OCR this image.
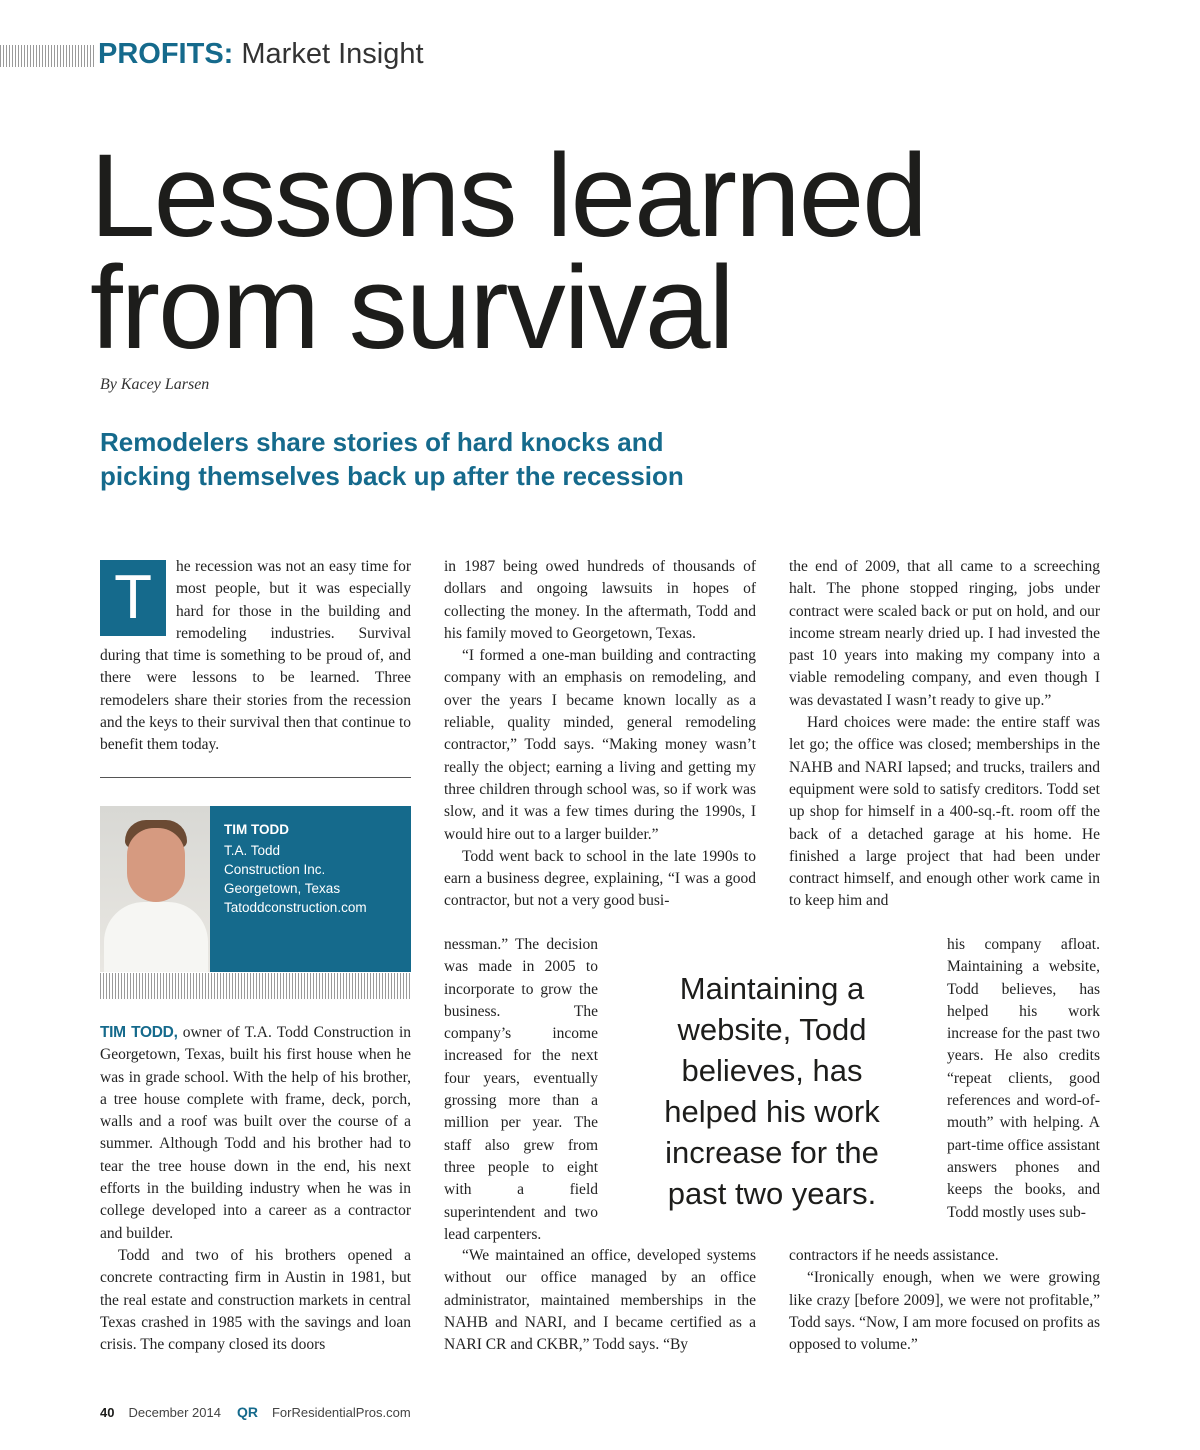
PROFITS: Market Insight
Lessons learned
from survival
By Kacey Larsen
Remodelers share stories of hard knocks and
picking themselves back up after the recession
T	he recession was not an easy time for most people, but it was especially hard for those in the building and remodeling industries. Survival during that time is something to be proud of, and there were lessons to be learned. Three remodelers share their stories from the recession and the keys to their survival then that continue to benefit them today.

TIM TODD
T.A. Todd
Construction Inc.
Georgetown, Texas
Tatoddconstruction.com

TIM TODD, owner of T.A. Todd Construction in Georgetown, Texas, built his first house when he was in grade school. With the help of his brother, a tree house complete with frame, deck, porch, walls and a roof was built over the course of a summer. Although Todd and his brother had to tear the tree house down in the end, his next efforts in the building industry when he was in college developed into a career as a contractor and builder.

Todd and two of his brothers opened a concrete contracting firm in Austin in 1981, but the real estate and construction markets in central Texas crashed in 1985 with the savings and loan crisis. The company closed its doors

in 1987 being owed hundreds of thousands of dollars and ongoing lawsuits in hopes of collecting the money. In the aftermath, Todd and his family moved to Georgetown, Texas.

“I formed a one-man building and contracting company with an emphasis on remodeling, and over the years I became known locally as a reliable, quality minded, general remodeling contractor,” Todd says. “Making money wasn’t really the object; earning a living and getting my three children through school was, so if work was slow, and it was a few times during the 1990s, I would hire out to a larger builder.”

Todd went back to school in the late 1990s to earn a business degree, explaining, “I was a good contractor, but not a very good busi-

nessman.” The decision was made in 2005 to incorporate to grow the business. The company’s income increased for the next four years, eventually grossing more than a million per year. The staff also grew from three people to eight with a field superintendent and two lead carpenters.

“We maintained an office, developed systems without our office managed by an office administrator, maintained memberships in the NAHB and NARI, and I became certified as a NARI CR and CKBR,” Todd says. “By

the end of 2009, that all came to a screeching halt. The phone stopped ringing, jobs under contract were scaled back or put on hold, and our income stream nearly dried up. I had invested the past 10 years into making my company into a viable remodeling company, and even though I was devastated I wasn’t ready to give up.”

Hard choices were made: the entire staff was let go; the office was closed; memberships in the NAHB and NARI lapsed; and trucks, trailers and equipment were sold to satisfy creditors. Todd set up shop for himself in a 400-sq.-ft. room off the back of a detached garage at his home. He finished a large project that had been under contract himself, and enough other work came in to keep him and

his company afloat. Maintaining a website, Todd believes, has helped his work increase for the past two years. He also credits “repeat clients, good references and word-of-mouth” with helping. A part-time office assistant answers phones and keeps the books, and Todd mostly uses sub-

contractors if he needs assistance.

“Ironically enough, when we were growing like crazy [before 2009], we were not profitable,” Todd says. “Now, I am more focused on profits as opposed to volume.”

Maintaining a website, Todd believes, has helped his work increase for the past two years.

40 December 2014 QR ForResidentialPros.com
